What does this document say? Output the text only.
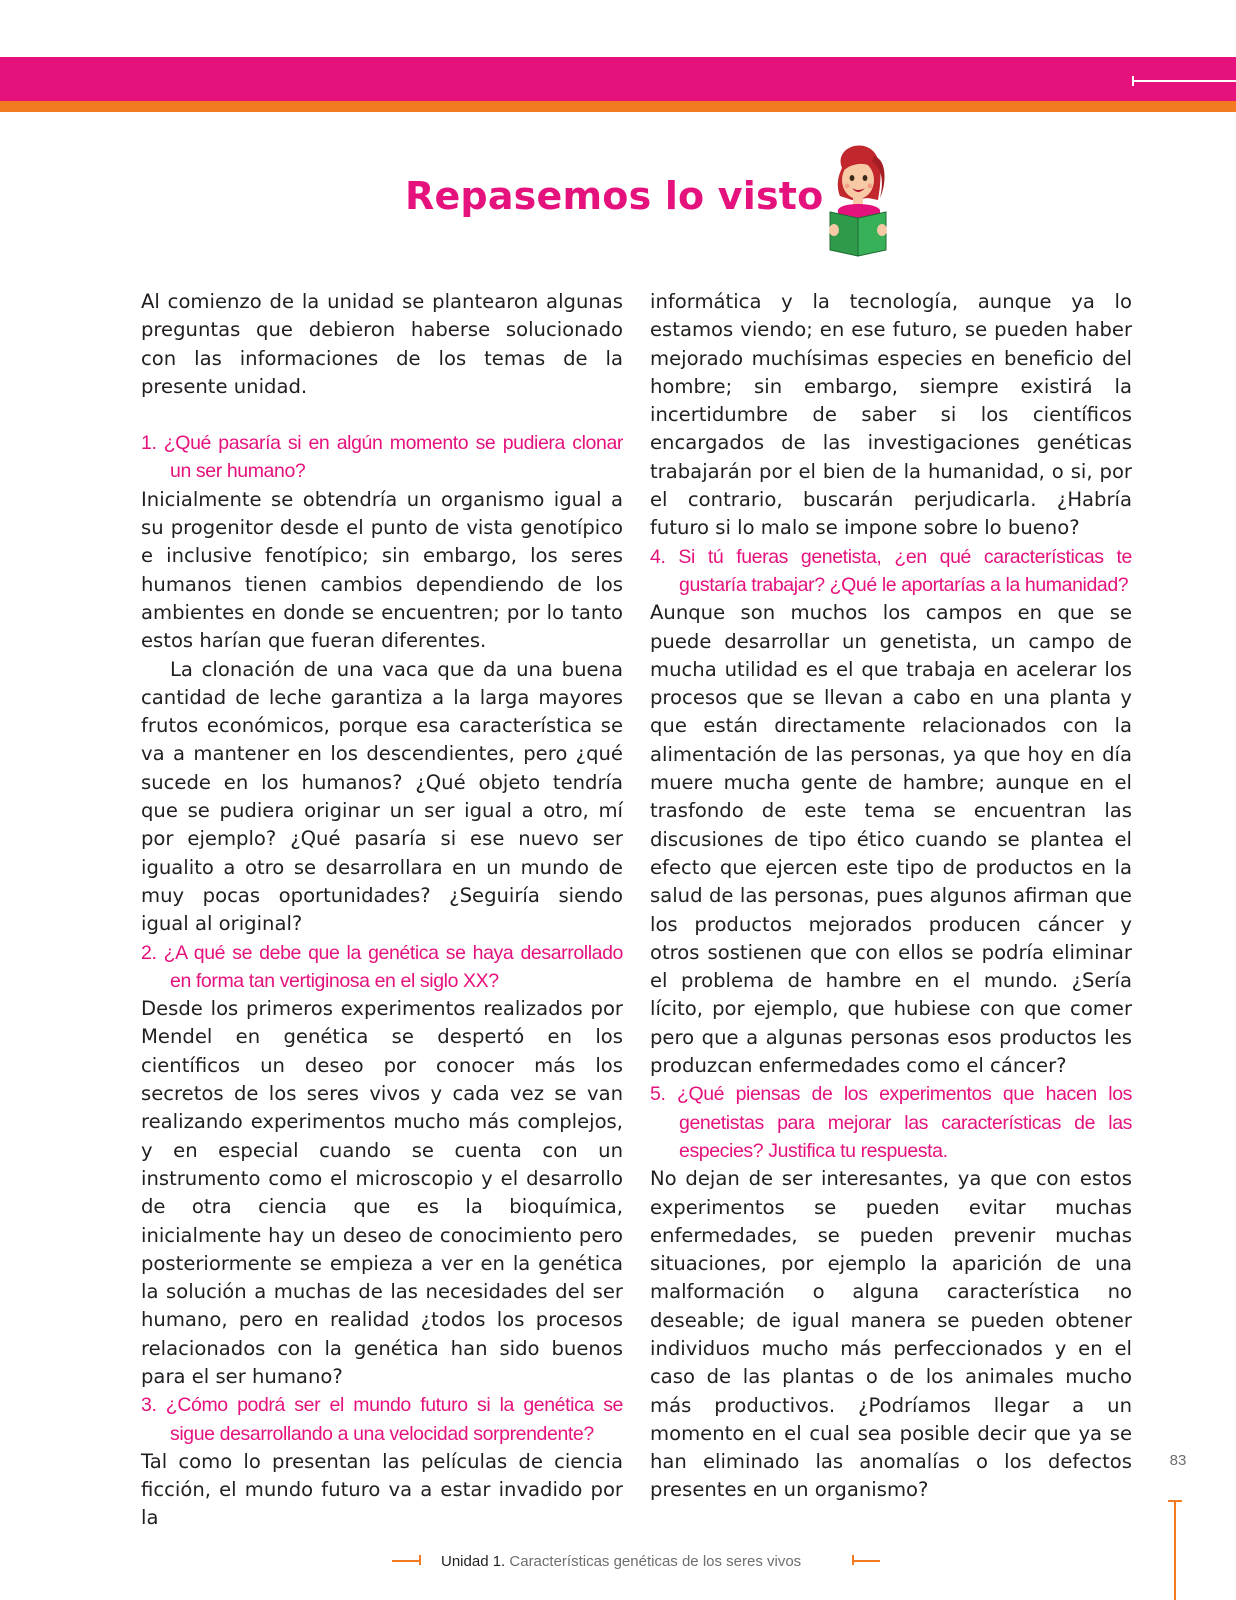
Repasemos lo visto

Al comienzo de la unidad se plantearon algunas preguntas que debieron haberse solucionado con las informaciones de los temas de la presente unidad.

1. ¿Qué pasaría si en algún momento se pudiera clonar un ser humano?

Inicialmente se obtendría un organismo igual a su progenitor desde el punto de vista genotípico e inclusive fenotípico; sin embargo, los seres humanos tienen cambios dependiendo de los ambientes en donde se encuentren; por lo tanto estos harían que fueran diferentes.

La clonación de una vaca que da una buena cantidad de leche garantiza a la larga mayores frutos económicos, porque esa característica se va a mantener en los descendientes, pero ¿qué sucede en los humanos? ¿Qué objeto tendría que se pudiera originar un ser igual a otro, mí por ejemplo? ¿Qué pasaría si ese nuevo ser igualito a otro se desarrollara en un mundo de muy pocas oportunidades? ¿Seguiría siendo igual al original?

2. ¿A qué se debe que la genética se haya desarrollado en forma tan vertiginosa en el siglo XX?

Desde los primeros experimentos realizados por Mendel en genética se despertó en los científicos un deseo por conocer más los secretos de los seres vivos y cada vez se van realizando experimentos mucho más complejos, y en especial cuando se cuenta con un instrumento como el microscopio y el desarrollo de otra ciencia que es la bioquímica, inicialmente hay un deseo de conocimiento pero posteriormente se empieza a ver en la genética la solución a muchas de las necesidades del ser humano, pero en realidad ¿todos los procesos relacionados con la genética han sido buenos para el ser humano?

3. ¿Cómo podrá ser el mundo futuro si la genética se sigue desarrollando a una velocidad sorprendente?

Tal como lo presentan las películas de ciencia ficción, el mundo futuro va a estar invadido por la

informática y la tecnología, aunque ya lo estamos viendo; en ese futuro, se pueden haber mejorado muchísimas especies en beneficio del hombre; sin embargo, siempre existirá la incertidumbre de saber si los científicos encargados de las investigaciones genéticas trabajarán por el bien de la humanidad, o si, por el contrario, buscarán perjudicarla. ¿Habría futuro si lo malo se impone sobre lo bueno?

4. Si tú fueras genetista, ¿en qué características te gustaría trabajar? ¿Qué le aportarías a la humanidad?

Aunque son muchos los campos en que se puede desarrollar un genetista, un campo de mucha utilidad es el que trabaja en acelerar los procesos que se llevan a cabo en una planta y que están directamente relacionados con la alimentación de las personas, ya que hoy en día muere mucha gente de hambre; aunque en el trasfondo de este tema se encuentran las discusiones de tipo ético cuando se plantea el efecto que ejercen este tipo de productos en la salud de las personas, pues algunos afirman que los productos mejorados producen cáncer y otros sostienen que con ellos se podría eliminar el problema de hambre en el mundo. ¿Sería lícito, por ejemplo, que hubiese con que comer pero que a algunas personas esos productos les produzcan enfermedades como el cáncer?

5. ¿Qué piensas de los experimentos que hacen los genetistas para mejorar las características de las especies? Justifica tu respuesta.

No dejan de ser interesantes, ya que con estos experimentos se pueden evitar muchas enfermedades, se pueden prevenir muchas situaciones, por ejemplo la aparición de una malformación o alguna característica no deseable; de igual manera se pueden obtener individuos mucho más perfeccionados y en el caso de las plantas o de los animales mucho más productivos. ¿Podríamos llegar a un momento en el cual sea posible decir que ya se han eliminado las anomalías o los defectos presentes en un organismo?

83
Unidad 1. Características genéticas de los seres vivos
